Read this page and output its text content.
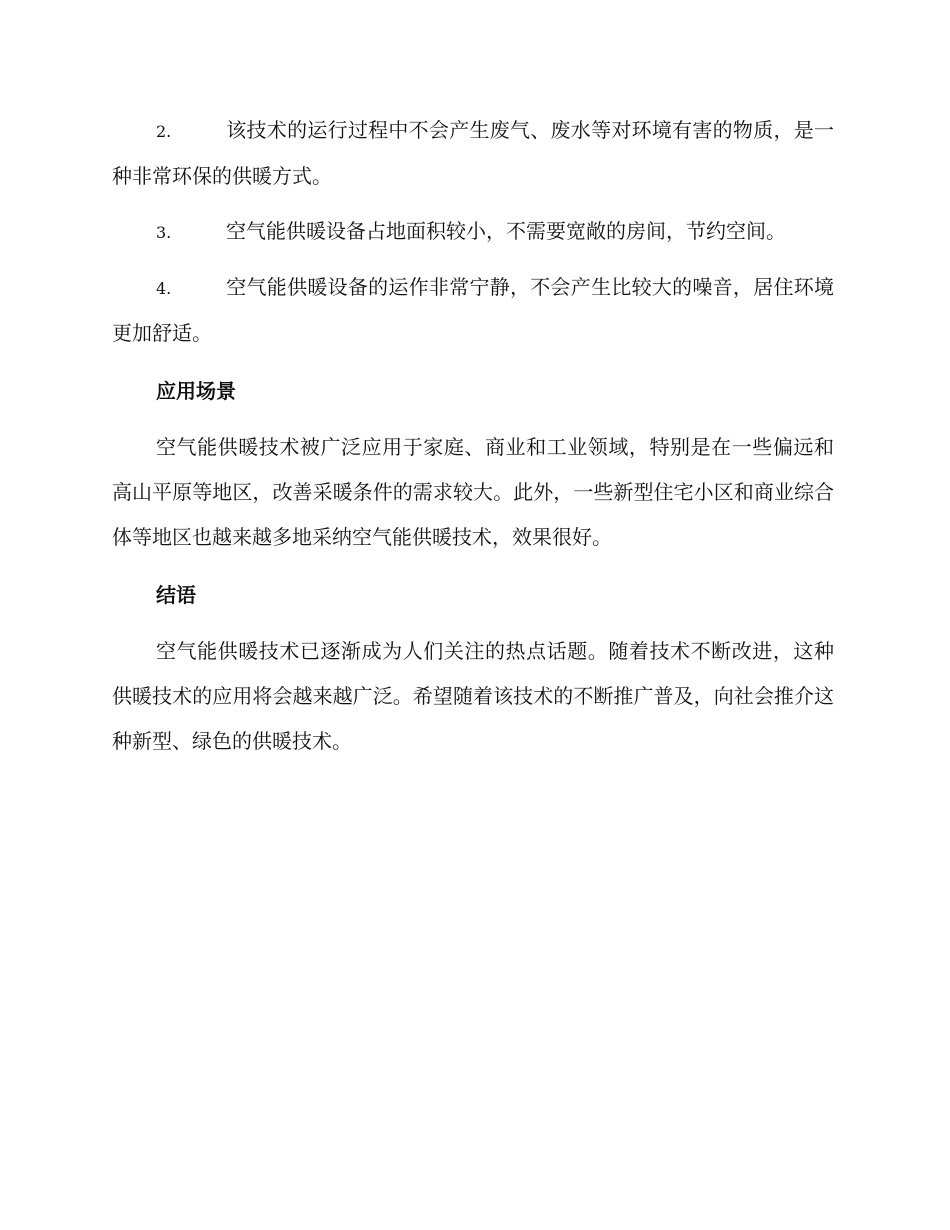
2.	该技术的运行过程中不会产生废气、废水等对环境有害的物质，是一种非常环保的供暖方式。

3.	空气能供暖设备占地面积较小，不需要宽敞的房间，节约空间。

4.	空气能供暖设备的运作非常宁静，不会产生比较大的噪音，居住环境更加舒适。

应用场景

空气能供暖技术被广泛应用于家庭、商业和工业领域，特别是在一些偏远和高山平原等地区，改善采暖条件的需求较大。此外，一些新型住宅小区和商业综合体等地区也越来越多地采纳空气能供暖技术，效果很好。

结语

空气能供暖技术已逐渐成为人们关注的热点话题。随着技术不断改进，这种供暖技术的应用将会越来越广泛。希望随着该技术的不断推广普及，向社会推介这种新型、绿色的供暖技术。
